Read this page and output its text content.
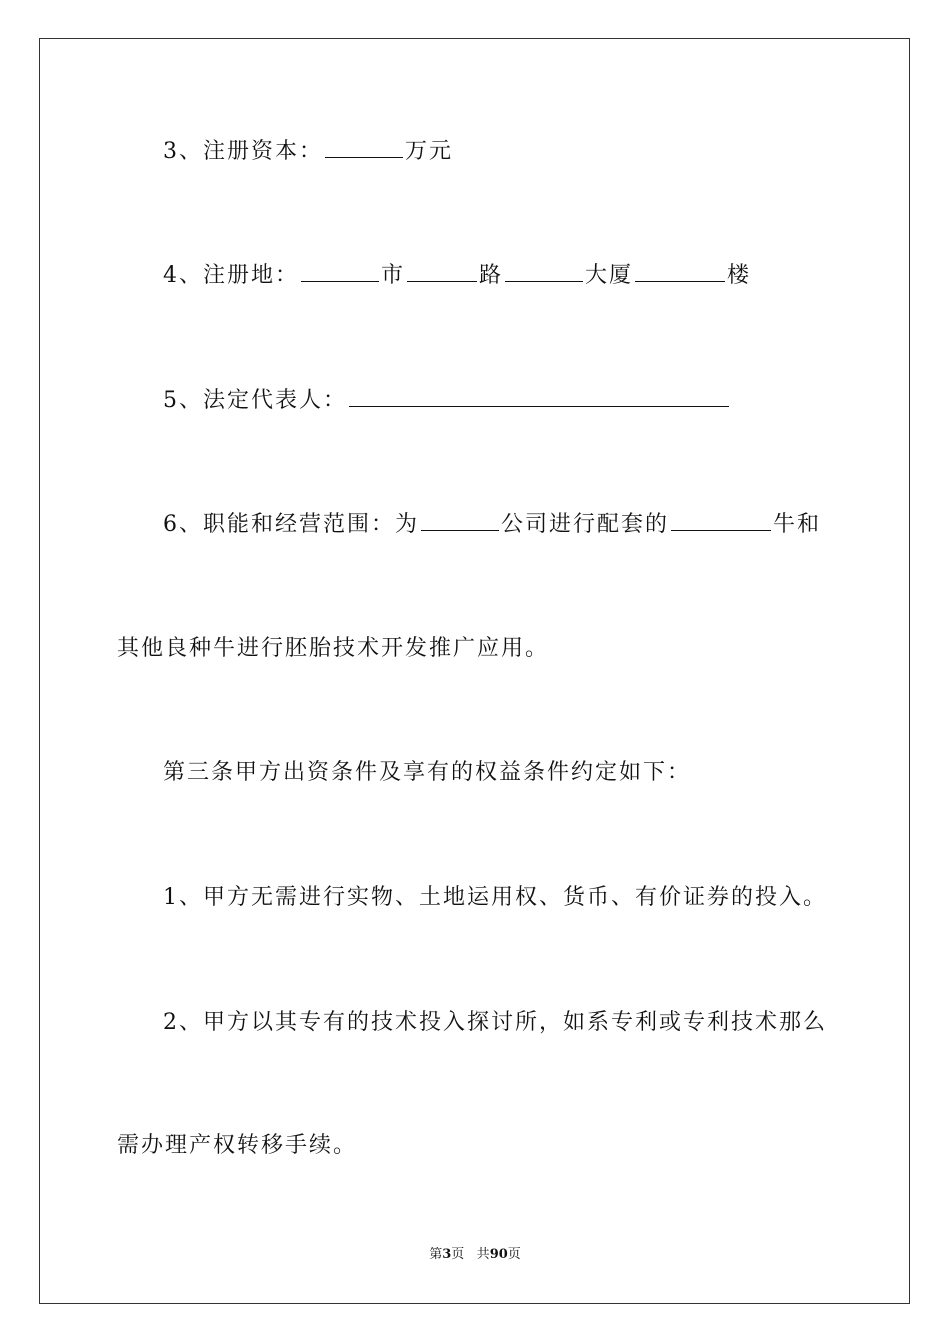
3、注册资本：	万元
4、注册地：	市	路	大厦	楼
5、法定代表人：
6、职能和经营范围：为	公司进行配套的	牛和
其他良种牛进行胚胎技术开发推广应用。
第三条甲方出资条件及享有的权益条件约定如下：
1、甲方无需进行实物、土地运用权、货币、有价证券的投入。
2、甲方以其专有的技术投入探讨所，如系专利或专利技术那么
需办理产权转移手续。
第3页 共90页
